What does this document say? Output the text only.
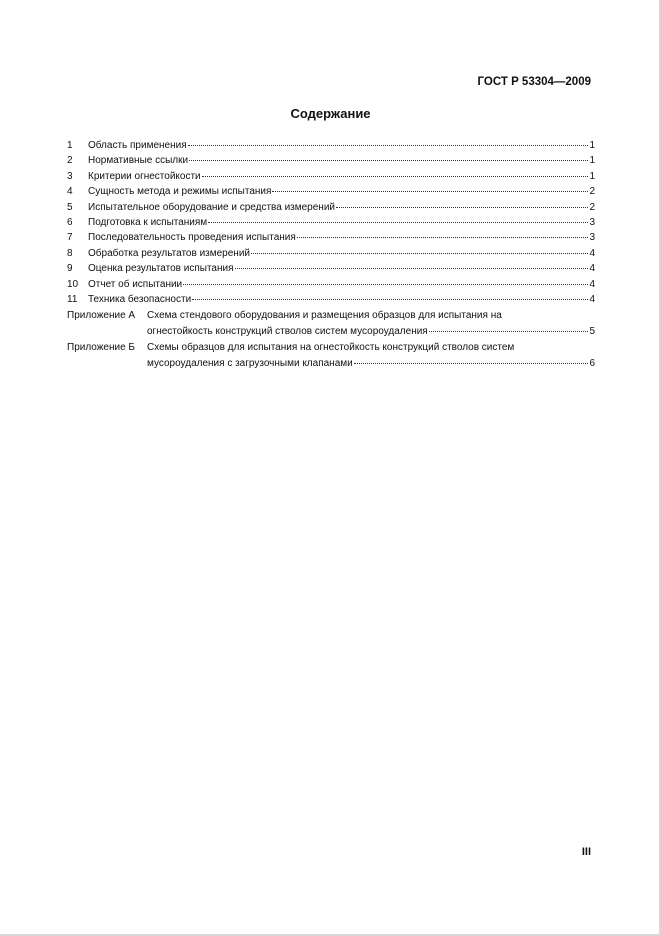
ГОСТ Р 53304—2009
Содержание
1	Область применения	1
2	Нормативные ссылки	1
3	Критерии огнестойкости	1
4	Сущность метода и режимы испытания	2
5	Испытательное оборудование и средства измерений	2
6	Подготовка к испытаниям	3
7	Последовательность проведения испытания	3
8	Обработка результатов измерений	4
9	Оценка результатов испытания	4
10 Отчет об испытании	4
11	Техника безопасности	4
Приложение А	Схема стендового оборудования и размещения образцов для испытания на
огнестойкость конструкций стволов систем мусороудаления	5
Приложение Б	Схемы образцов для испытания на огнестойкость конструкций стволов систем
мусороудаления с загрузочными клапанами	6
III
